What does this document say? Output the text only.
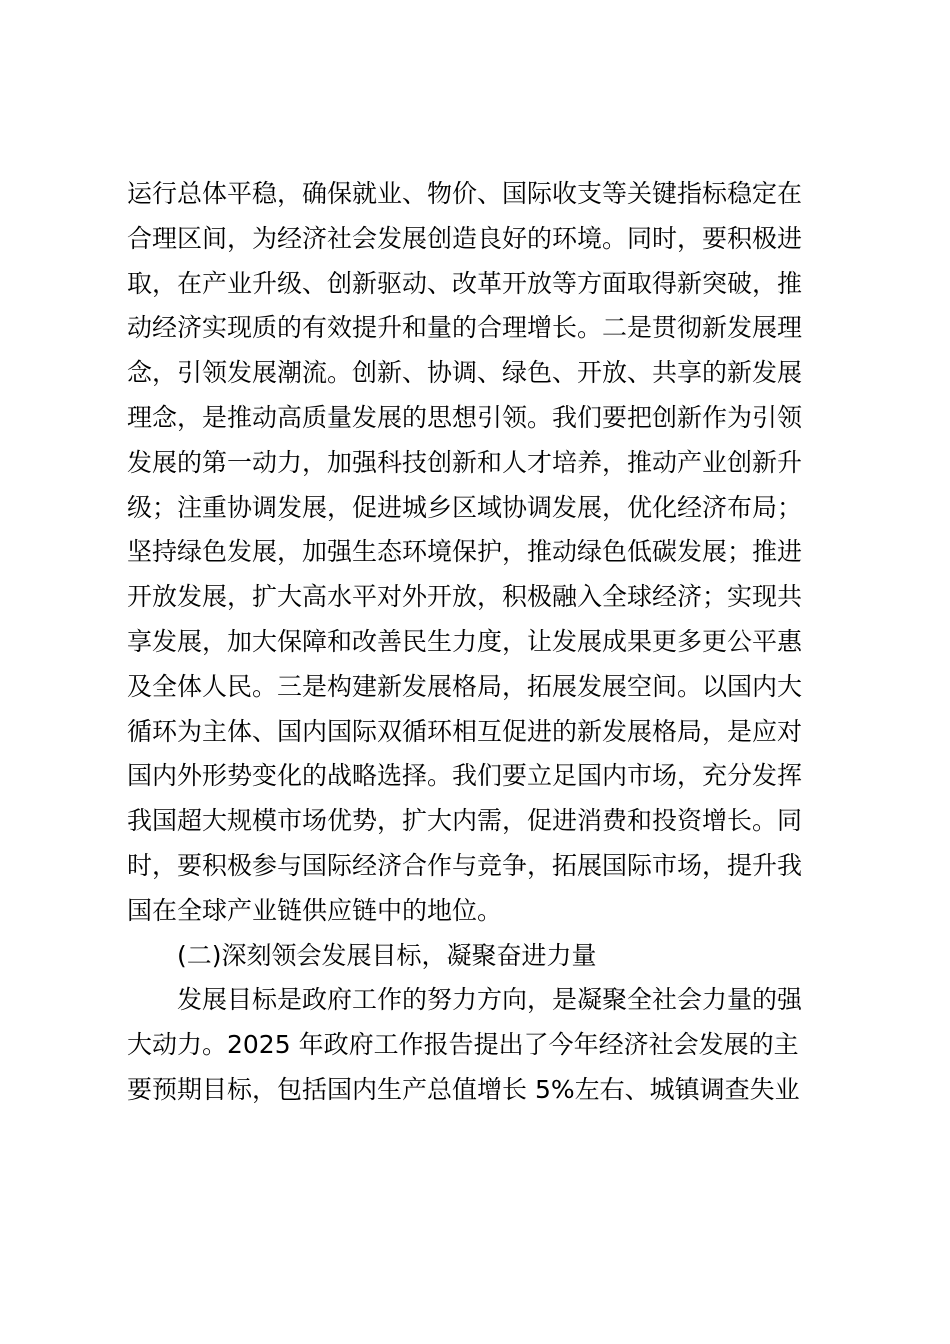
运行总体平稳，确保就业、物价、国际收支等关键指标稳定在
合理区间，为经济社会发展创造良好的环境。同时，要积极进
取，在产业升级、创新驱动、改革开放等方面取得新突破，推
动经济实现质的有效提升和量的合理增长。二是贯彻新发展理
念，引领发展潮流。创新、协调、绿色、开放、共享的新发展
理念，是推动高质量发展的思想引领。我们要把创新作为引领
发展的第一动力，加强科技创新和人才培养，推动产业创新升
级；注重协调发展，促进城乡区域协调发展，优化经济布局；
坚持绿色发展，加强生态环境保护，推动绿色低碳发展；推进
开放发展，扩大高水平对外开放，积极融入全球经济；实现共
享发展，加大保障和改善民生力度，让发展成果更多更公平惠
及全体人民。三是构建新发展格局，拓展发展空间。以国内大
循环为主体、国内国际双循环相互促进的新发展格局，是应对
国内外形势变化的战略选择。我们要立足国内市场，充分发挥
我国超大规模市场优势，扩大内需，促进消费和投资增长。同
时，要积极参与国际经济合作与竞争，拓展国际市场，提升我
国在全球产业链供应链中的地位。
(二)深刻领会发展目标，凝聚奋进力量
发展目标是政府工作的努力方向，是凝聚全社会力量的强
大动力。2025 年政府工作报告提出了今年经济社会发展的主
要预期目标，包括国内生产总值增长 5%左右、城镇调查失业
